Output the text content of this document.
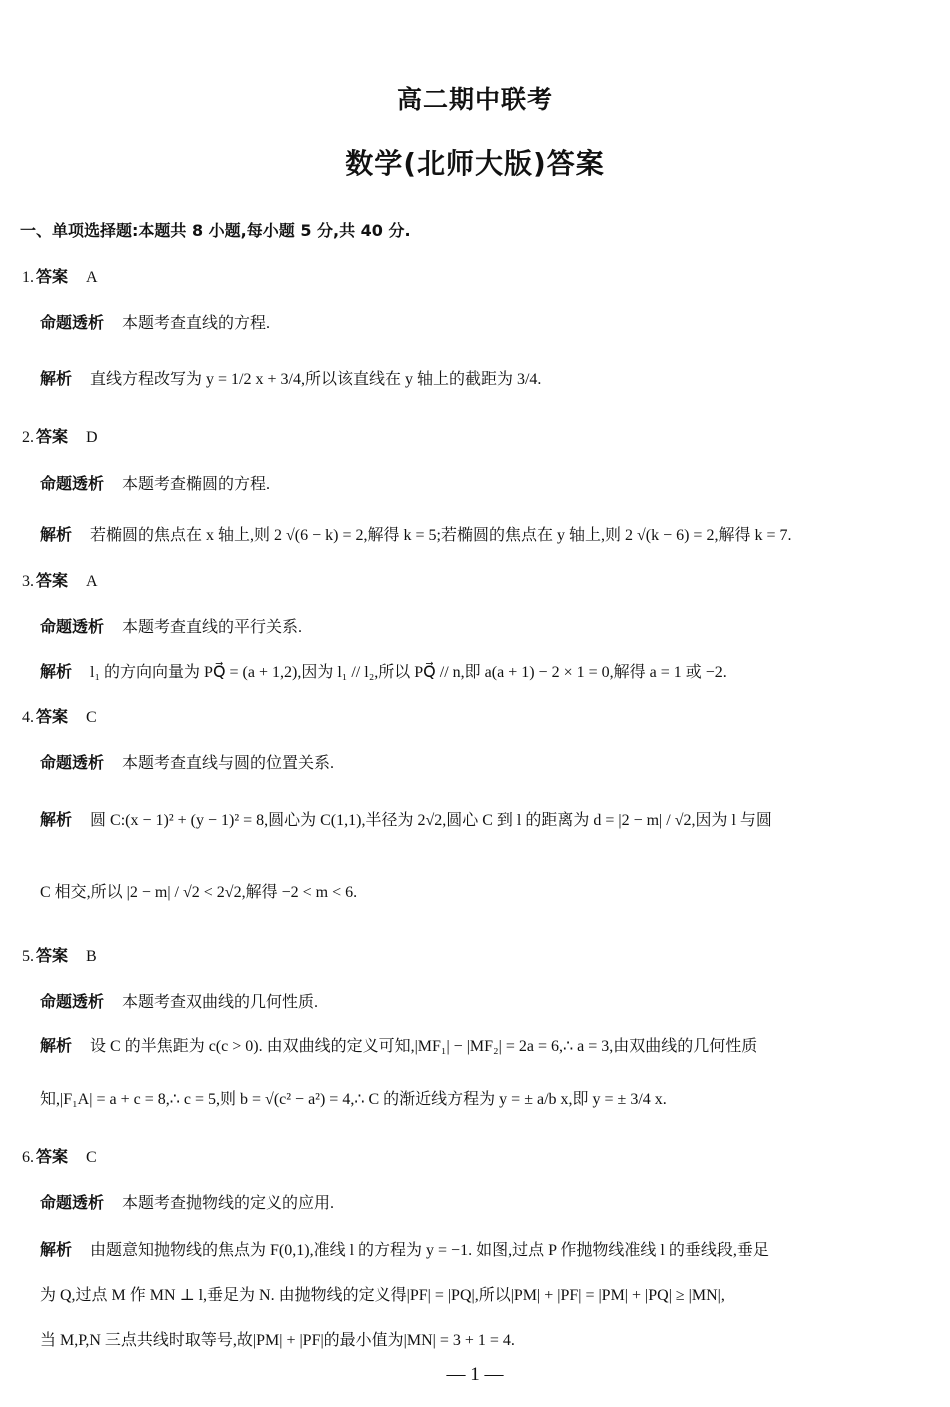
高二期中联考
数学(北师大版)答案
一、单项选择题:本题共 8 小题,每小题 5 分,共 40 分.
1. 答案 A
命题透析 本题考查直线的方程.
解析 直线方程改写为 y = 1/2 x + 3/4,所以该直线在 y 轴上的截距为 3/4.
2. 答案 D
命题透析 本题考查椭圆的方程.
解析 若椭圆的焦点在 x 轴上,则 2 √(6 − k) = 2,解得 k = 5;若椭圆的焦点在 y 轴上,则 2 √(k − 6) = 2,解得 k = 7.
3. 答案 A
命题透析 本题考查直线的平行关系.
解析 l₁ 的方向向量为 PQ⃗ = (a + 1,2),因为 l₁ // l₂,所以 PQ⃗ // n,即 a(a + 1) − 2 × 1 = 0,解得 a = 1 或 −2.
4. 答案 C
命题透析 本题考查直线与圆的位置关系.
解析 圆 C:(x − 1)² + (y − 1)² = 8,圆心为 C(1,1),半径为 2√2,圆心 C 到 l 的距离为 d = |2 − m| / √2,因为 l 与圆
C 相交,所以 |2 − m| / √2 < 2√2,解得 −2 < m < 6.
5. 答案 B
命题透析 本题考查双曲线的几何性质.
解析 设 C 的半焦距为 c(c > 0). 由双曲线的定义可知,|MF₁| − |MF₂| = 2a = 6,∴ a = 3,由双曲线的几何性质
知,|F₁A| = a + c = 8,∴ c = 5,则 b = √(c² − a²) = 4,∴ C 的渐近线方程为 y = ± a/b x,即 y = ± 3/4 x.
6. 答案 C
命题透析 本题考查抛物线的定义的应用.
解析 由题意知抛物线的焦点为 F(0,1),准线 l 的方程为 y = −1. 如图,过点 P 作抛物线准线 l 的垂线段,垂足
为 Q,过点 M 作 MN ⊥ l,垂足为 N. 由抛物线的定义得|PF| = |PQ|,所以|PM| + |PF| = |PM| + |PQ| ≥ |MN|,
当 M,P,N 三点共线时取等号,故|PM| + |PF|的最小值为|MN| = 3 + 1 = 4.
— 1 —
